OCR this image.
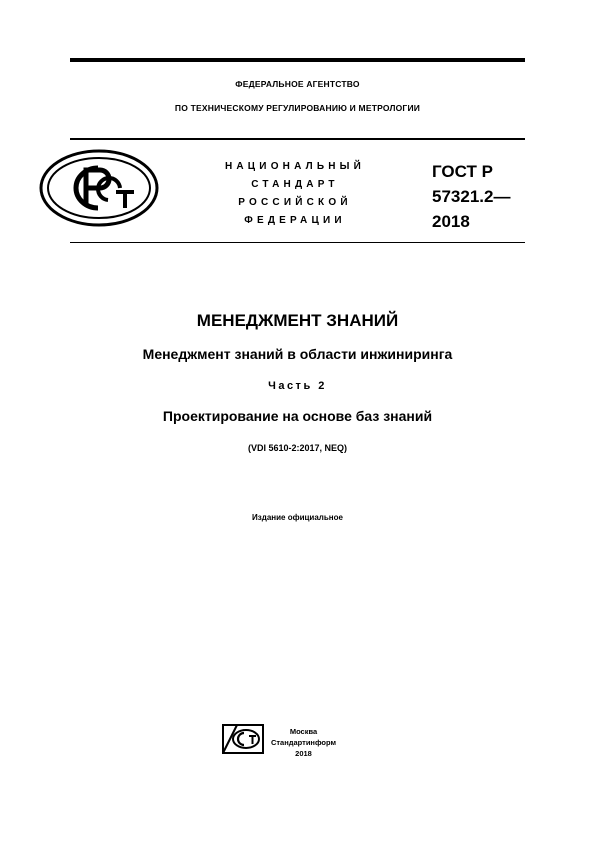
ФЕДЕРАЛЬНОЕ АГЕНТСТВО
ПО ТЕХНИЧЕСКОМУ РЕГУЛИРОВАНИЮ И МЕТРОЛОГИИ
НАЦИОНАЛЬНЫЙ
СТАНДАРТ
РОССИЙСКОЙ
ФЕДЕРАЦИИ
ГОСТ Р
57321.2—
2018
МЕНЕДЖМЕНТ ЗНАНИЙ
Менеджмент знаний в области инжиниринга
Часть 2
Проектирование на основе баз знаний
(VDI 5610-2:2017, NEQ)
Издание официальное
Москва
Стандартинформ
2018
